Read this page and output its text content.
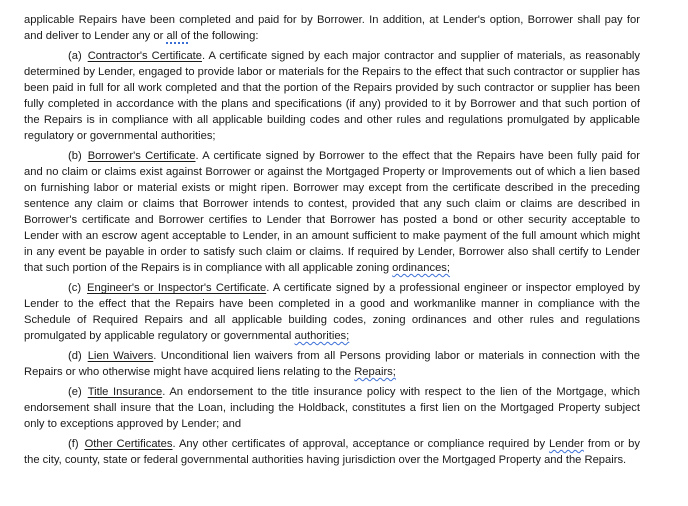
applicable Repairs have been completed and paid for by Borrower. In addition, at Lender's option, Borrower shall pay for and deliver to Lender any or all of the following:

(a) Contractor's Certificate. A certificate signed by each major contractor and supplier of materials, as reasonably determined by Lender, engaged to provide labor or materials for the Repairs to the effect that such contractor or supplier has been paid in full for all work completed and that the portion of the Repairs provided by such contractor or supplier has been fully completed in accordance with the plans and specifications (if any) provided to it by Borrower and that such portion of the Repairs is in compliance with all applicable building codes and other rules and regulations promulgated by applicable regulatory or governmental authorities;

(b) Borrower's Certificate. A certificate signed by Borrower to the effect that the Repairs have been fully paid for and no claim or claims exist against Borrower or against the Mortgaged Property or Improvements out of which a lien based on furnishing labor or material exists or might ripen. Borrower may except from the certificate described in the preceding sentence any claim or claims that Borrower intends to contest, provided that any such claim or claims are described in Borrower's certificate and Borrower certifies to Lender that Borrower has posted a bond or other security acceptable to Lender with an escrow agent acceptable to Lender, in an amount sufficient to make payment of the full amount which might in any event be payable in order to satisfy such claim or claims. If required by Lender, Borrower also shall certify to Lender that such portion of the Repairs is in compliance with all applicable zoning ordinances;

(c) Engineer's or Inspector's Certificate. A certificate signed by a professional engineer or inspector employed by Lender to the effect that the Repairs have been completed in a good and workmanlike manner in compliance with the Schedule of Required Repairs and all applicable building codes, zoning ordinances and other rules and regulations promulgated by applicable regulatory or governmental authorities;

(d) Lien Waivers. Unconditional lien waivers from all Persons providing labor or materials in connection with the Repairs or who otherwise might have acquired liens relating to the Repairs;

(e) Title Insurance. An endorsement to the title insurance policy with respect to the lien of the Mortgage, which endorsement shall insure that the Loan, including the Holdback, constitutes a first lien on the Mortgaged Property subject only to exceptions approved by Lender; and

(f) Other Certificates. Any other certificates of approval, acceptance or compliance required by Lender from or by the city, county, state or federal governmental authorities having jurisdiction over the Mortgaged Property and the Repairs.
